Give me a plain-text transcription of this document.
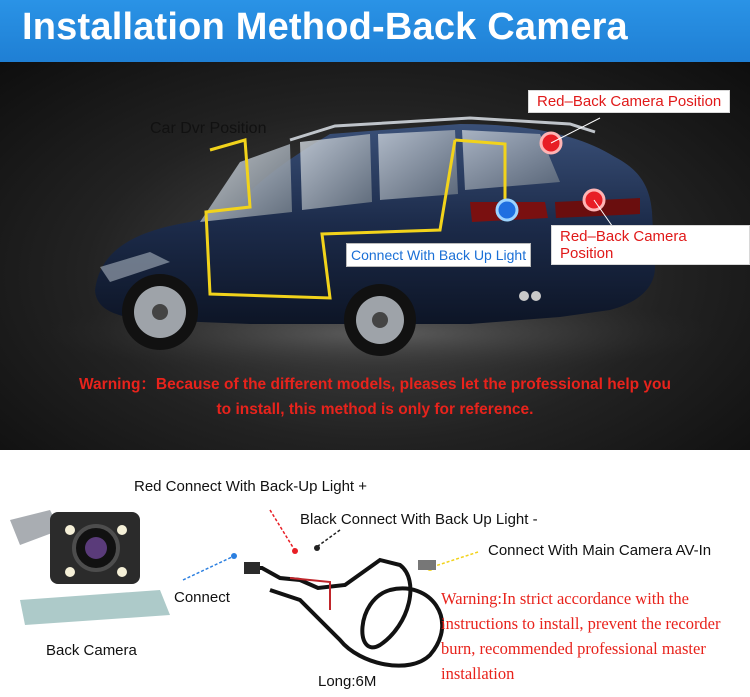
Installation Method-Back Camera
Car Dvr Position
Red–Back Camera Position
Red–Back Camera Position
Connect With Back Up Light
Warning：Because of the different models, pleases let the professional help you
to install, this method is only for reference.
Red Connect With Back-Up Light +
Black Connect With Back Up Light -
Connect With Main Camera AV-In
Connect
Back Camera
Long:6M
Warning:In strict accordance with the
instructions to install, prevent the recorder
burn, recommended professional master
installation
